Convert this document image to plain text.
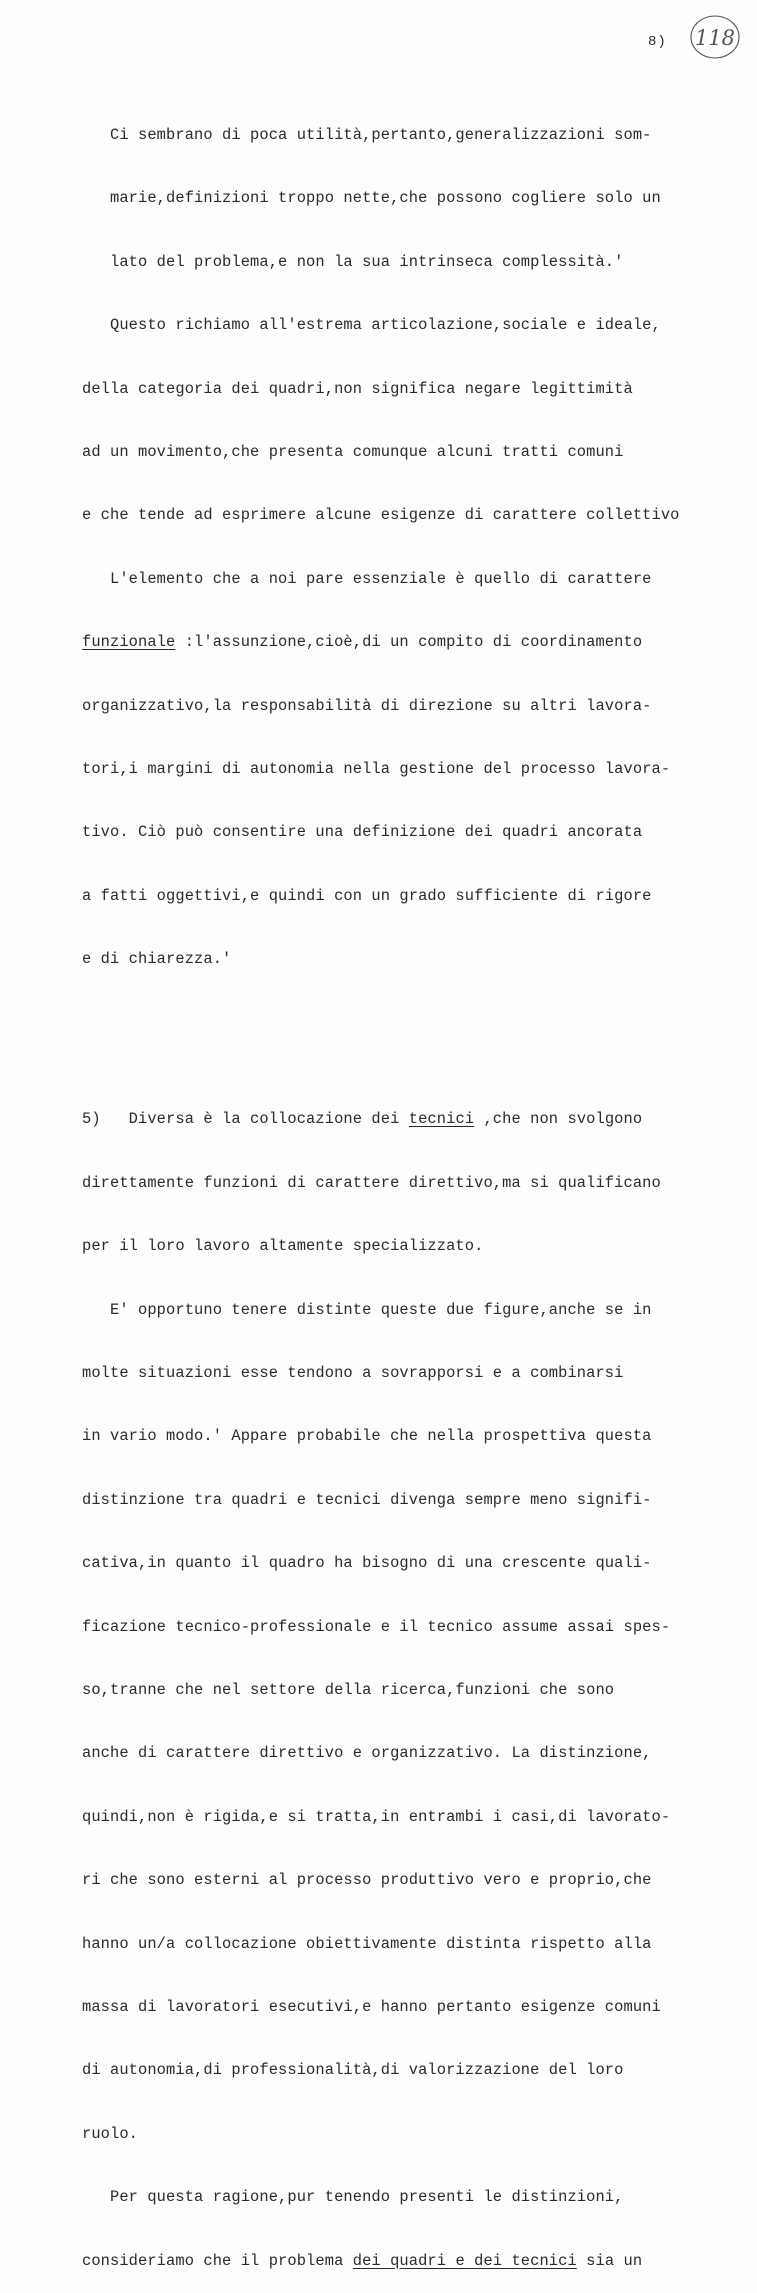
8) 118

Ci sembrano di poca utilità,pertanto,generalizzazioni som-

marie,definizioni troppo nette,che possono cogliere solo un

lato del problema,e non la sua intrinseca complessità.'

Questo richiamo all'estrema articolazione,sociale e ideale,

della categoria dei quadri,non significa negare legittimità

ad un movimento,che presenta comunque alcuni tratti comuni

e che tende ad esprimere alcune esigenze di carattere collettivo

L'elemento che a noi pare essenziale è quello di carattere

funzionale :l'assunzione,cioè,di un compito di coordinamento

organizzativo,la responsabilità di direzione su altri lavora-

tori,i margini di autonomia nella gestione del processo lavora-

tivo. Ciò può consentire una definizione dei quadri ancorata

a fatti oggettivi,e quindi con un grado sufficiente di rigore

e di chiarezza.'

5)   Diversa è la collocazione dei tecnici ,che non svolgono

direttamente funzioni di carattere direttivo,ma si qualificano

per il loro lavoro altamente specializzato.

E' opportuno tenere distinte queste due figure,anche se in

molte situazioni esse tendono a sovrapporsi e a combinarsi

in vario modo.' Appare probabile che nella prospettiva questa

distinzione tra quadri e tecnici divenga sempre meno signifi-

cativa,in quanto il quadro ha bisogno di una crescente quali-

ficazione tecnico-professionale e il tecnico assume assai spes-

so,tranne che nel settore della ricerca,funzioni che sono

anche di carattere direttivo e organizzativo. La distinzione,

quindi,non è rigida,e si tratta,in entrambi i casi,di lavorato-

ri che sono esterni al processo produttivo vero e proprio,che

hanno un/a collocazione obiettivamente distinta rispetto alla

massa di lavoratori esecutivi,e hanno pertanto esigenze comuni

di autonomia,di professionalità,di valorizzazione del loro

ruolo.

Per questa ragione,pur tenendo presenti le distinzioni,

consideriamo che il problema dei quadri e dei tecnici sia un
